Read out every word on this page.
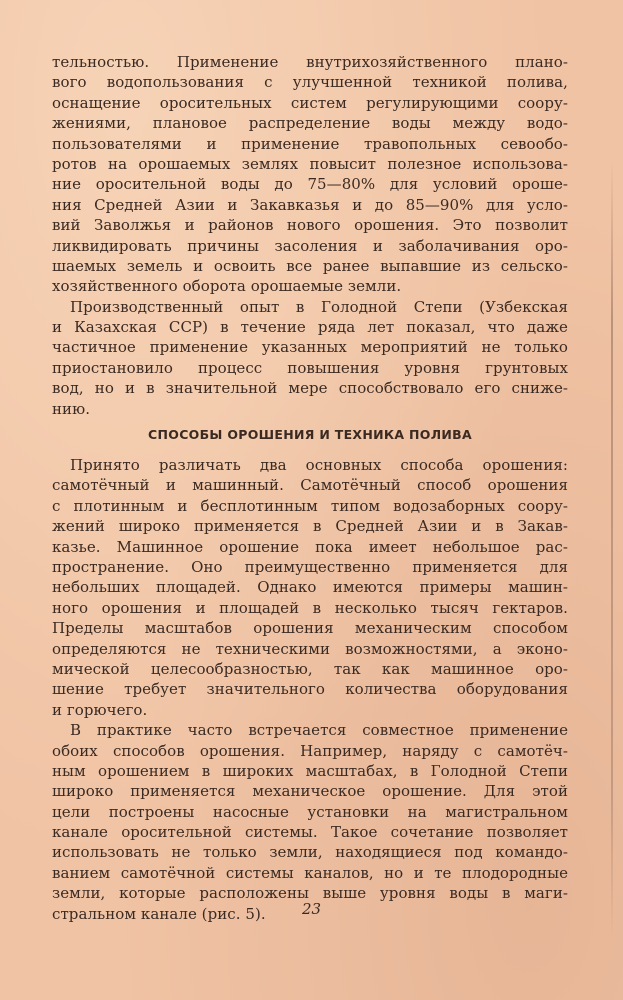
тельностью. Применение внутрихозяйственного плано-
вого водопользования с улучшенной техникой полива,
оснащение оросительных систем регулирующими соору-
жениями, плановое распределение воды между водо-
пользователями и применение травопольных севообо-
ротов на орошаемых землях повысит полезное использова-
ние оросительной воды до 75—80% для условий ороше-
ния Средней Азии и Закавказья и до 85—90% для усло-
вий Заволжья и районов нового орошения. Это позволит
ликвидировать причины засоления и заболачивания оро-
шаемых земель и освоить все ранее выпавшие из сельско-
хозяйственного оборота орошаемые земли.
Производственный опыт в Голодной Степи (Узбекская
и Казахская ССР) в течение ряда лет показал, что даже
частичное применение указанных мероприятий не только
приостановило процесс повышения уровня грунтовых
вод, но и в значительной мере способствовало его сниже-
нию.
СПОСОБЫ ОРОШЕНИЯ И ТЕХНИКА ПОЛИВА
Принято различать два основных способа орошения:
самотёчный и машинный. Самотёчный способ орошения
с плотинным и бесплотинным типом водозаборных соору-
жений широко применяется в Средней Азии и в Закав-
казье. Машинное орошение пока имеет небольшое рас-
пространение. Оно преимущественно применяется для
небольших площадей. Однако имеются примеры машин-
ного орошения и площадей в несколько тысяч гектаров.
Пределы масштабов орошения механическим способом
определяются не техническими возможностями, а эконо-
мической целесообразностью, так как машинное оро-
шение требует значительного количества оборудования
и горючего.
В практике часто встречается совместное применение
обоих способов орошения. Например, наряду с самотёч-
ным орошением в широких масштабах, в Голодной Степи
широко применяется механическое орошение. Для этой
цели построены насосные установки на магистральном
канале оросительной системы. Такое сочетание позволяет
использовать не только земли, находящиеся под командо-
ванием самотёчной системы каналов, но и те плодородные
земли, которые расположены выше уровня воды в маги-
стральном канале (рис. 5).	23
